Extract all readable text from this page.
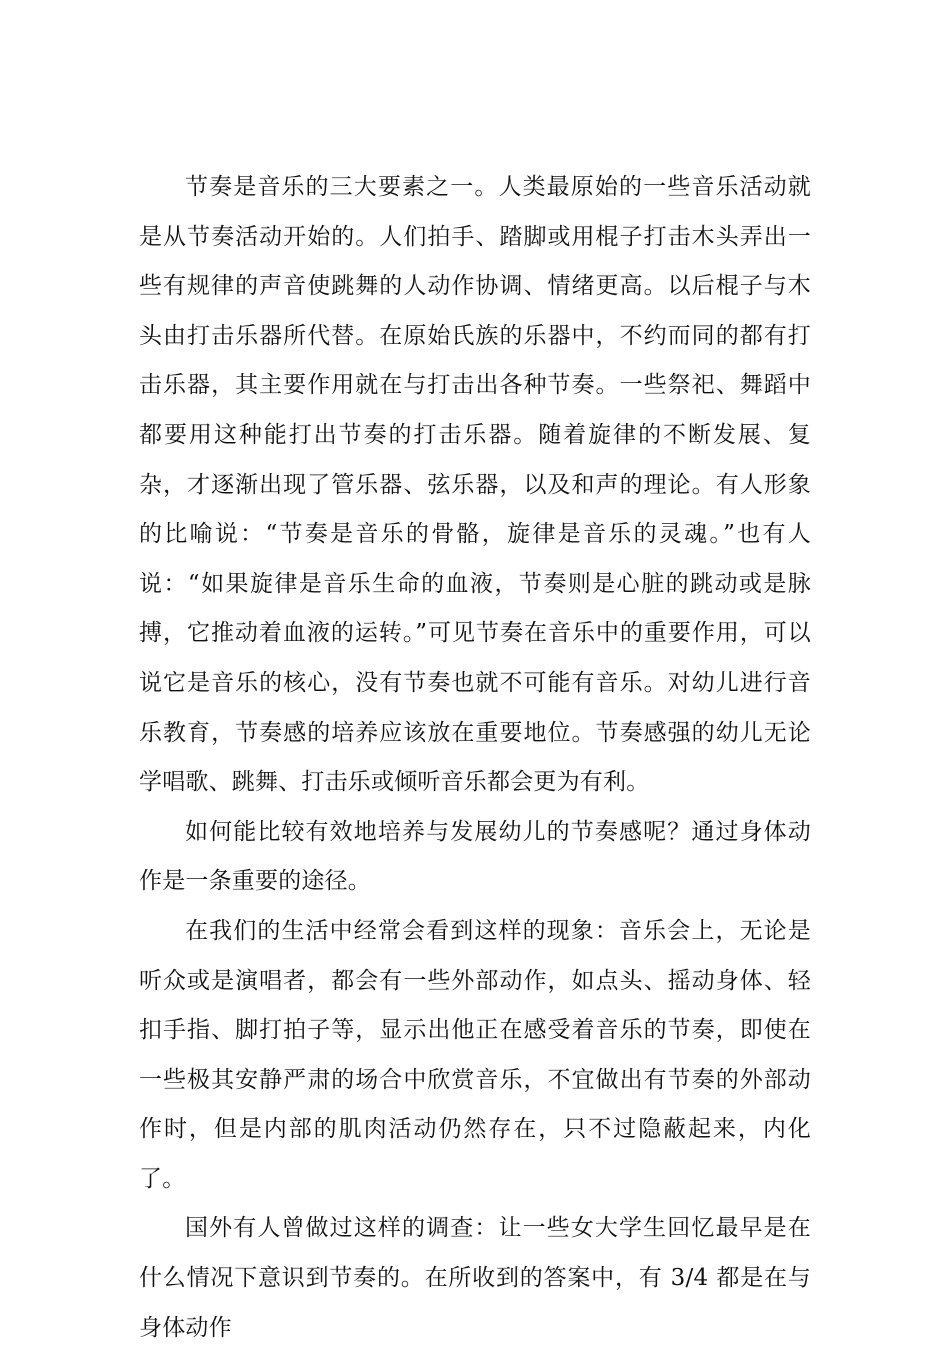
节奏是音乐的三大要素之一。人类最原始的一些音乐活动就是从节奏活动开始的。人们拍手、踏脚或用棍子打击木头弄出一些有规律的声音使跳舞的人动作协调、情绪更高。以后棍子与木头由打击乐器所代替。在原始氏族的乐器中，不约而同的都有打击乐器，其主要作用就在与打击出各种节奏。一些祭祀、舞蹈中都要用这种能打出节奏的打击乐器。随着旋律的不断发展、复杂，才逐渐出现了管乐器、弦乐器，以及和声的理论。有人形象的比喻说：“节奏是音乐的骨骼，旋律是音乐的灵魂。”也有人说：“如果旋律是音乐生命的血液，节奏则是心脏的跳动或是脉搏，它推动着血液的运转。”可见节奏在音乐中的重要作用，可以说它是音乐的核心，没有节奏也就不可能有音乐。对幼儿进行音乐教育，节奏感的培养应该放在重要地位。节奏感强的幼儿无论学唱歌、跳舞、打击乐或倾听音乐都会更为有利。

如何能比较有效地培养与发展幼儿的节奏感呢？通过身体动作是一条重要的途径。

在我们的生活中经常会看到这样的现象：音乐会上，无论是听众或是演唱者，都会有一些外部动作，如点头、摇动身体、轻扣手指、脚打拍子等，显示出他正在感受着音乐的节奏，即使在一些极其安静严肃的场合中欣赏音乐，不宜做出有节奏的外部动作时，但是内部的肌肉活动仍然存在，只不过隐蔽起来，内化了。

国外有人曾做过这样的调查：让一些女大学生回忆最早是在什么情况下意识到节奏的。在所收到的答案中，有 3/4 都是在与身体动作
